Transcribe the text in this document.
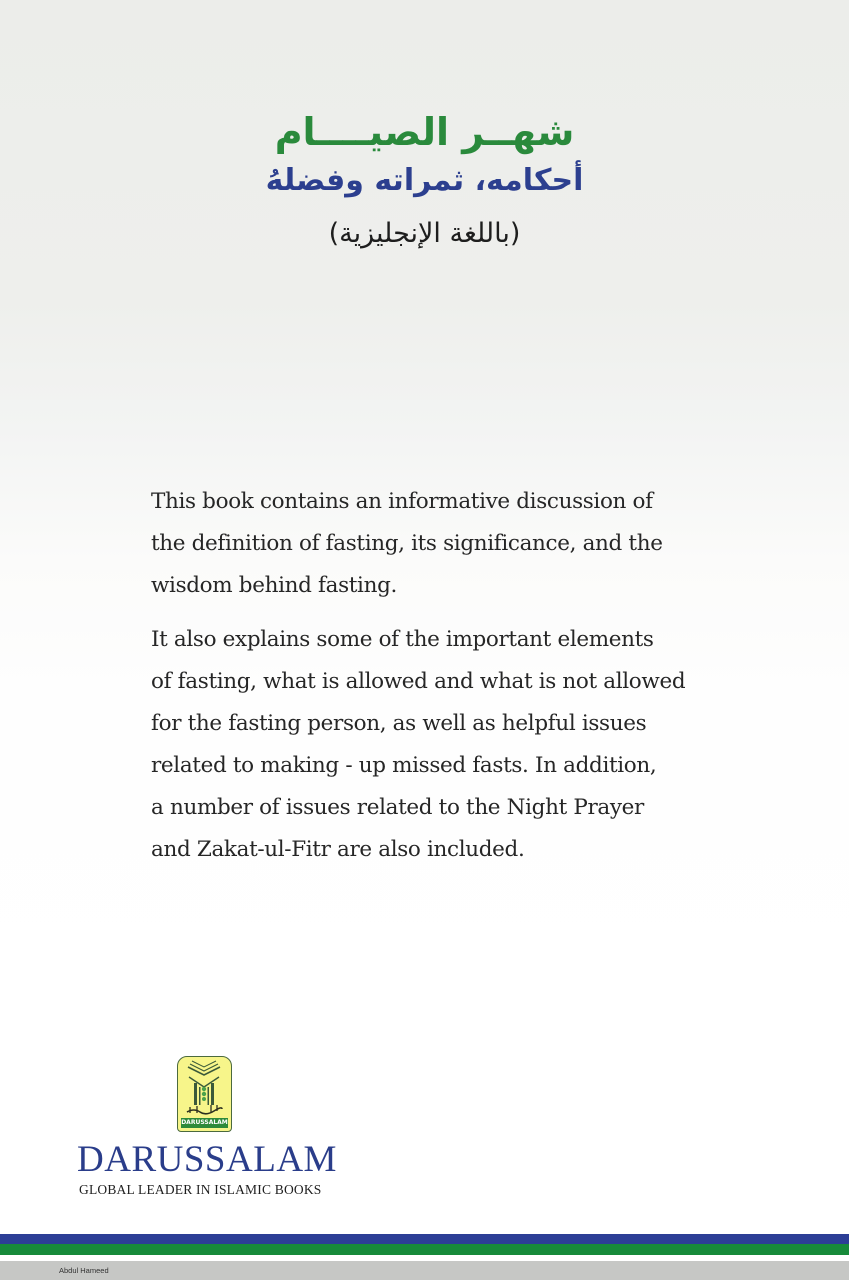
شهــر الصيــــام
أحكامه، ثمراته وفضلهُ
(باللغة الإنجليزية)
This book contains an informative discussion of
the definition of fasting, its significance, and the
wisdom behind fasting.
It also explains some of the important elements
of fasting, what is allowed and what is not allowed
for the fasting person, as well as helpful issues
related to making - up missed fasts. In addition,
a number of issues related to the Night Prayer
and Zakat-ul-Fitr are also included.
DARUSSALAM
DARUSSALAM
GLOBAL LEADER IN ISLAMIC BOOKS
Abdul Hameed
